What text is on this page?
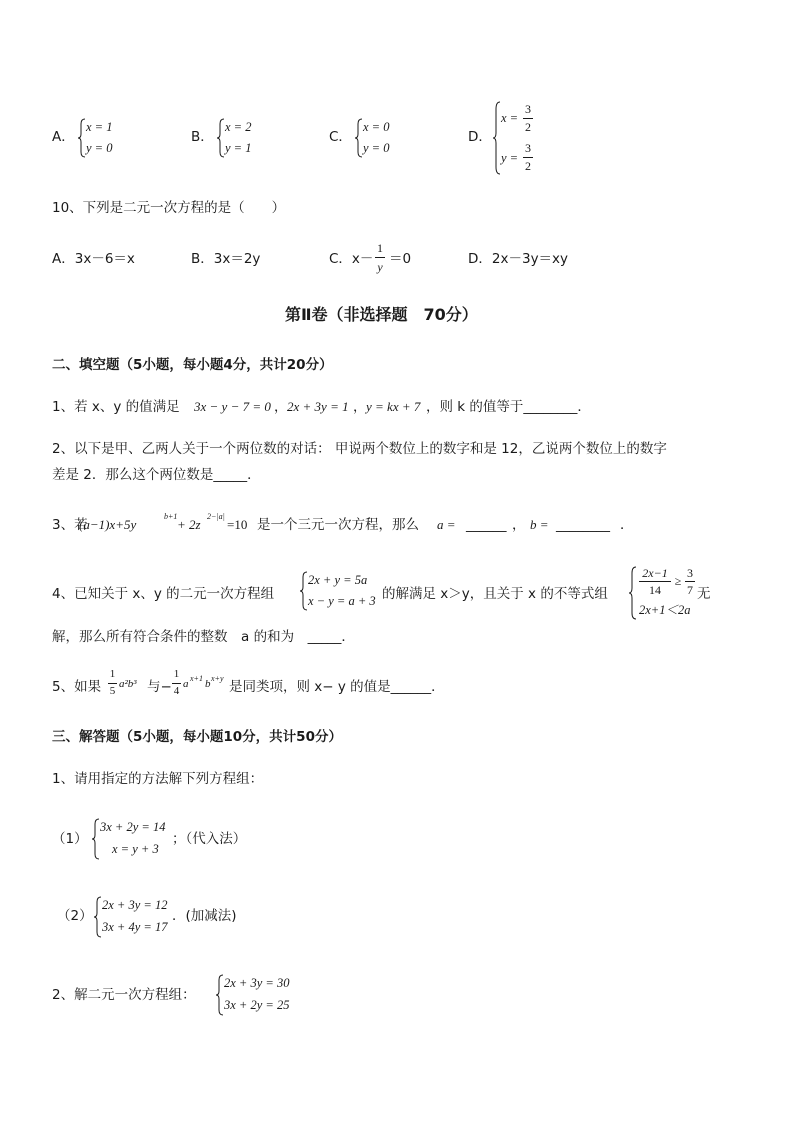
A．
x = 1
y = 0
B．
x = 2
y = 1
C．
x = 0
y = 0
D．
x =
3
2
y =
3
2
10、下列是二元一次方程的是（　　）
A．3x－6＝x	B．3x＝2y	C．x－
1
y ＝0	D．2x－3y＝xy
第Ⅱ卷（非选择题　70分）
二、填空题（5小题，每小题4分，共计20分）
1、若 x、y 的值满足 3x − y − 7 = 0 ， 2x + 3y = 1 ， y = kx + 7 ，则 k 的值等于________．
2、以下是甲、乙两人关于一个两位数的对话： 甲说两个数位上的数字和是 12，乙说两个数位上的数字
差是 2．那么这个两位数是_____．
3、若
(a−1)x+5y
b+1
+ 2z
2−|a|
=10 是一个三元一次方程，那么 a = ______ ， b = ________ ．
4、已知关于 x、y 的二元一次方程组
2x + y = 5a
x − y = a + 3 的解满足 x＞y，且关于 x 的不等式组
2x−1
14
≥
3
7
2x+1＜2a
无
解，那么所有符合条件的整数　a 的和为　_____．
5、如果
1
5
a²b³ 与−
1
4
a x+1 b x+y
是同类项，则 x− y 的值是______．
三、解答题（5小题，每小题10分，共计50分）
1、请用指定的方法解下列方程组：
（1）
3x + 2y = 14
x = y + 3
；（代入法）
（2）
2x + 3y = 12
3x + 4y = 17
．(加减法)
2、解二元一次方程组：
2x + 3y = 30
3x + 2y = 25
